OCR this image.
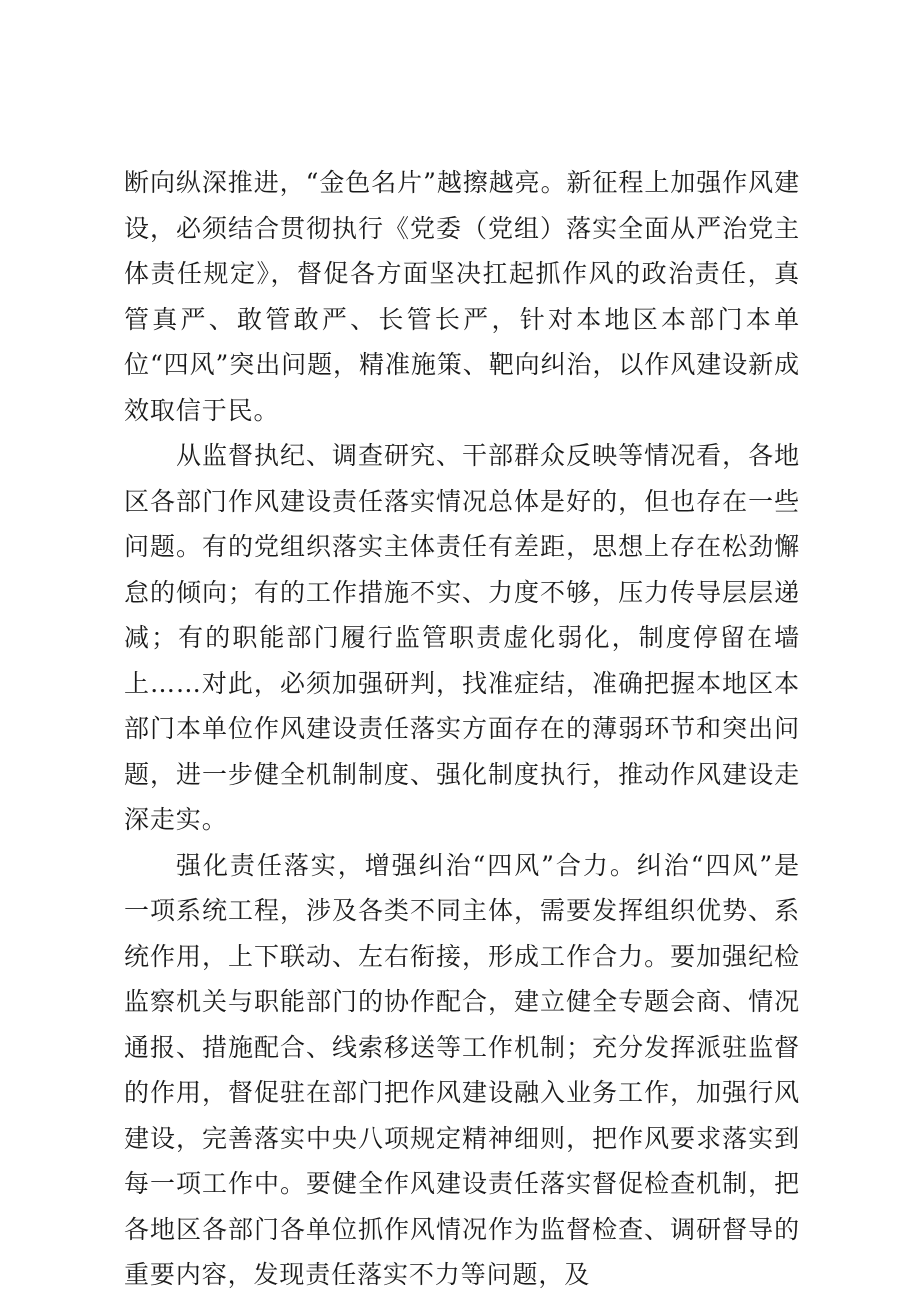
断向纵深推进，“金色名片”越擦越亮。新征程上加强作风建设，必须结合贯彻执行《党委（党组）落实全面从严治党主体责任规定》，督促各方面坚决扛起抓作风的政治责任，真管真严、敢管敢严、长管长严，针对本地区本部门本单位“四风”突出问题，精准施策、靶向纠治，以作风建设新成效取信于民。

从监督执纪、调查研究、干部群众反映等情况看，各地区各部门作风建设责任落实情况总体是好的，但也存在一些问题。有的党组织落实主体责任有差距，思想上存在松劲懈怠的倾向；有的工作措施不实、力度不够，压力传导层层递减；有的职能部门履行监管职责虚化弱化，制度停留在墙上……对此，必须加强研判，找准症结，准确把握本地区本部门本单位作风建设责任落实方面存在的薄弱环节和突出问题，进一步健全机制制度、强化制度执行，推动作风建设走深走实。

强化责任落实，增强纠治“四风”合力。纠治“四风”是一项系统工程，涉及各类不同主体，需要发挥组织优势、系统作用，上下联动、左右衔接，形成工作合力。要加强纪检监察机关与职能部门的协作配合，建立健全专题会商、情况通报、措施配合、线索移送等工作机制；充分发挥派驻监督的作用，督促驻在部门把作风建设融入业务工作，加强行风建设，完善落实中央八项规定精神细则，把作风要求落实到每一项工作中。要健全作风建设责任落实督促检查机制，把各地区各部门各单位抓作风情况作为监督检查、调研督导的重要内容，发现责任落实不力等问题，及
